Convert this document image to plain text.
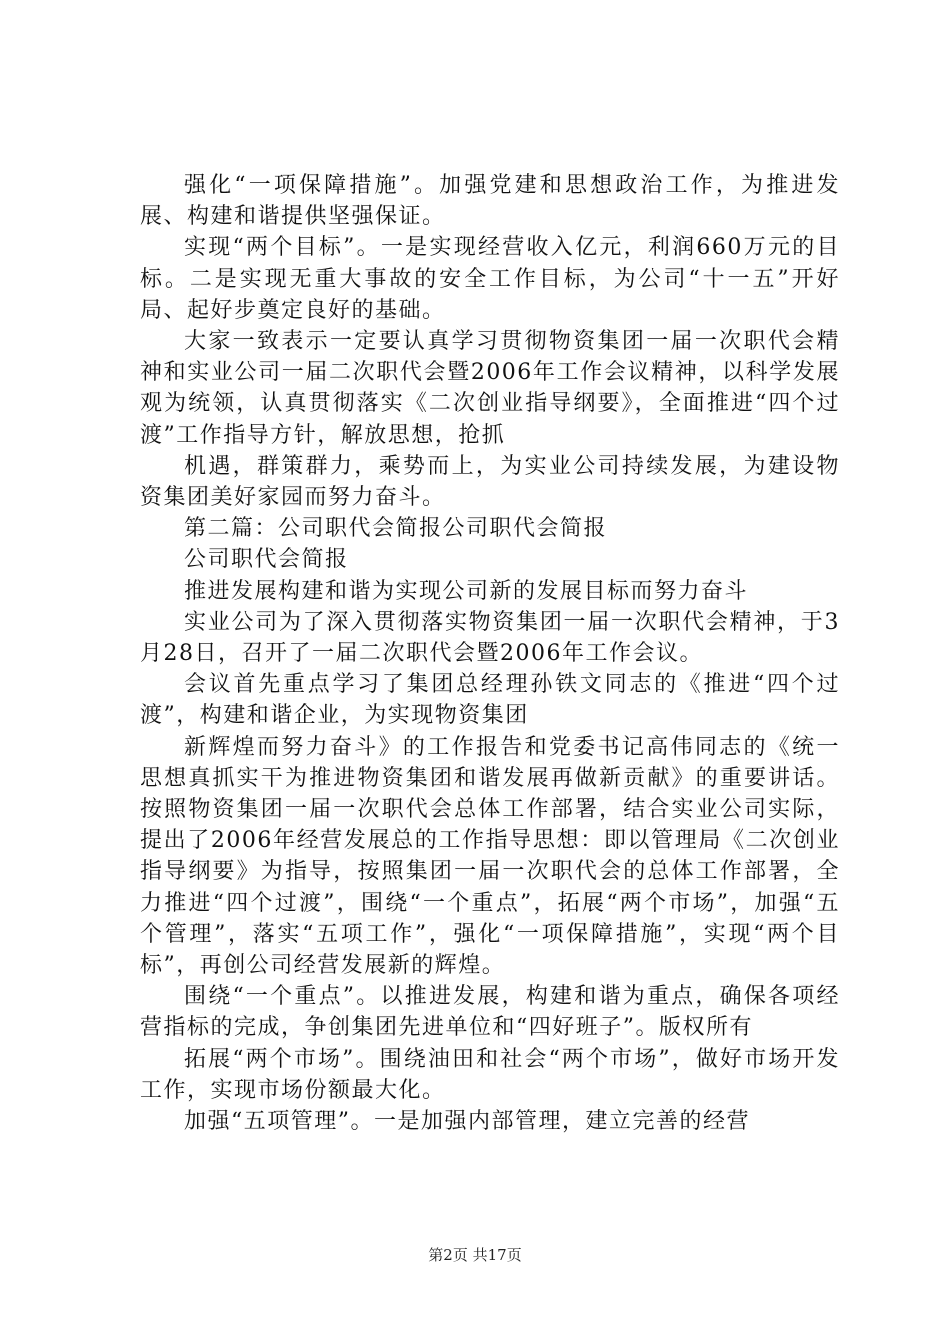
强化“一项保障措施”。加强党建和思想政治工作，为推进发展、构建和谐提供坚强保证。

实现“两个目标”。一是实现经营收入亿元，利润660万元的目标。二是实现无重大事故的安全工作目标，为公司“十一五”开好局、起好步奠定良好的基础。

大家一致表示一定要认真学习贯彻物资集团一届一次职代会精神和实业公司一届二次职代会暨2006年工作会议精神，以科学发展观为统领，认真贯彻落实《二次创业指导纲要》，全面推进“四个过渡”工作指导方针，解放思想，抢抓

机遇，群策群力，乘势而上，为实业公司持续发展，为建设物资集团美好家园而努力奋斗。

第二篇：公司职代会简报公司职代会简报

公司职代会简报

推进发展构建和谐为实现公司新的发展目标而努力奋斗

实业公司为了深入贯彻落实物资集团一届一次职代会精神，于3月28日，召开了一届二次职代会暨2006年工作会议。

会议首先重点学习了集团总经理孙铁文同志的《推进“四个过渡”，构建和谐企业，为实现物资集团

新辉煌而努力奋斗》的工作报告和党委书记高伟同志的《统一思想真抓实干为推进物资集团和谐发展再做新贡献》的重要讲话。按照物资集团一届一次职代会总体工作部署，结合实业公司实际，提出了2006年经营发展总的工作指导思想：即以管理局《二次创业指导纲要》为指导，按照集团一届一次职代会的总体工作部署，全力推进“四个过渡”，围绕“一个重点”，拓展“两个市场”，加强“五个管理”，落实“五项工作”，强化“一项保障措施”，实现“两个目标”，再创公司经营发展新的辉煌。

围绕“一个重点”。以推进发展，构建和谐为重点，确保各项经营指标的完成，争创集团先进单位和“四好班子”。版权所有

拓展“两个市场”。围绕油田和社会“两个市场”，做好市场开发工作，实现市场份额最大化。

加强“五项管理”。一是加强内部管理，建立完善的经营

第2页 共17页
